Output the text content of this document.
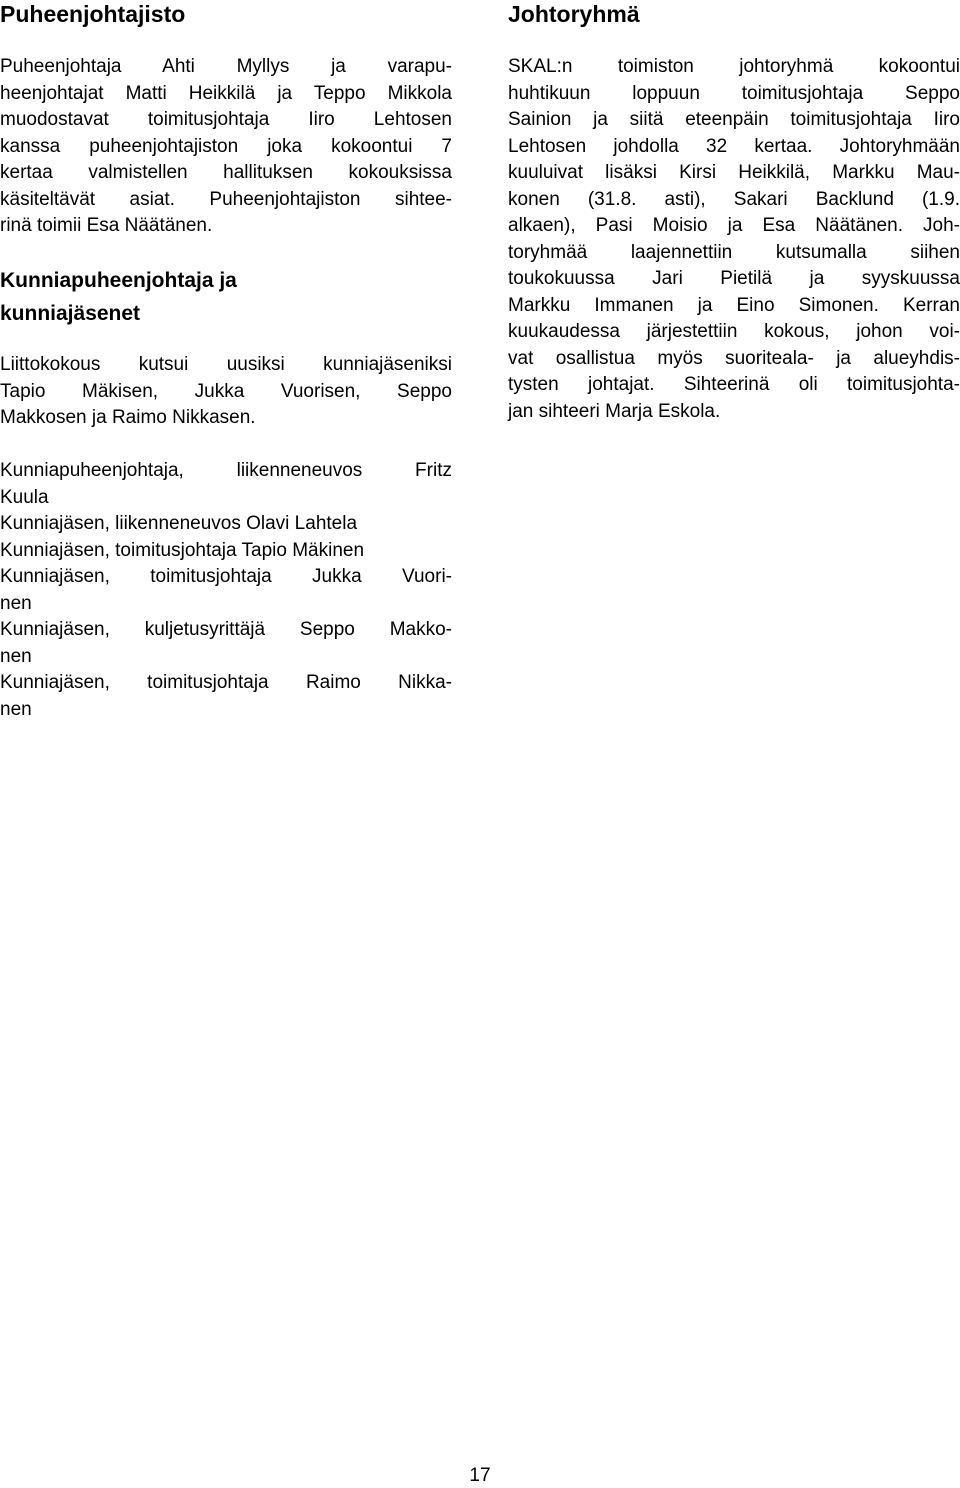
Puheenjohtajisto
Puheenjohtaja Ahti Myllys ja varapu-
heenjohtajat Matti Heikkilä ja Teppo Mikkola
muodostavat toimitusjohtaja Iiro Lehtosen
kanssa puheenjohtajiston joka kokoontui 7
kertaa valmistellen hallituksen kokouksissa
käsiteltävät asiat. Puheenjohtajiston sihtee-
rinä toimii Esa Näätänen.
Kunniapuheenjohtaja ja
kunniajäsenet
Liittokokous kutsui uusiksi kunniajäseniksi
Tapio Mäkisen, Jukka Vuorisen, Seppo
Makkosen ja Raimo Nikkasen.
Kunniapuheenjohtaja, liikenneneuvos Fritz
Kuula
Kunniajäsen, liikenneneuvos Olavi Lahtela
Kunniajäsen, toimitusjohtaja Tapio Mäkinen
Kunniajäsen, toimitusjohtaja Jukka Vuori-
nen
Kunniajäsen, kuljetusyrittäjä Seppo Makko-
nen
Kunniajäsen, toimitusjohtaja Raimo Nikka-
nen
Johtoryhmä
SKAL:n toimiston johtoryhmä kokoontui
huhtikuun loppuun toimitusjohtaja Seppo
Sainion ja siitä eteenpäin toimitusjohtaja Iiro
Lehtosen johdolla 32 kertaa. Johtoryhmään
kuuluivat lisäksi Kirsi Heikkilä, Markku Mau-
konen (31.8. asti), Sakari Backlund (1.9.
alkaen), Pasi Moisio ja Esa Näätänen. Joh-
toryhmää laajennettiin kutsumalla siihen
toukokuussa Jari Pietilä ja syyskuussa
Markku Immanen ja Eino Simonen. Kerran
kuukaudessa järjestettiin kokous, johon voi-
vat osallistua myös suoriteala- ja alueyhdis-
tysten johtajat. Sihteerinä oli toimitusjohta-
jan sihteeri Marja Eskola.
17
